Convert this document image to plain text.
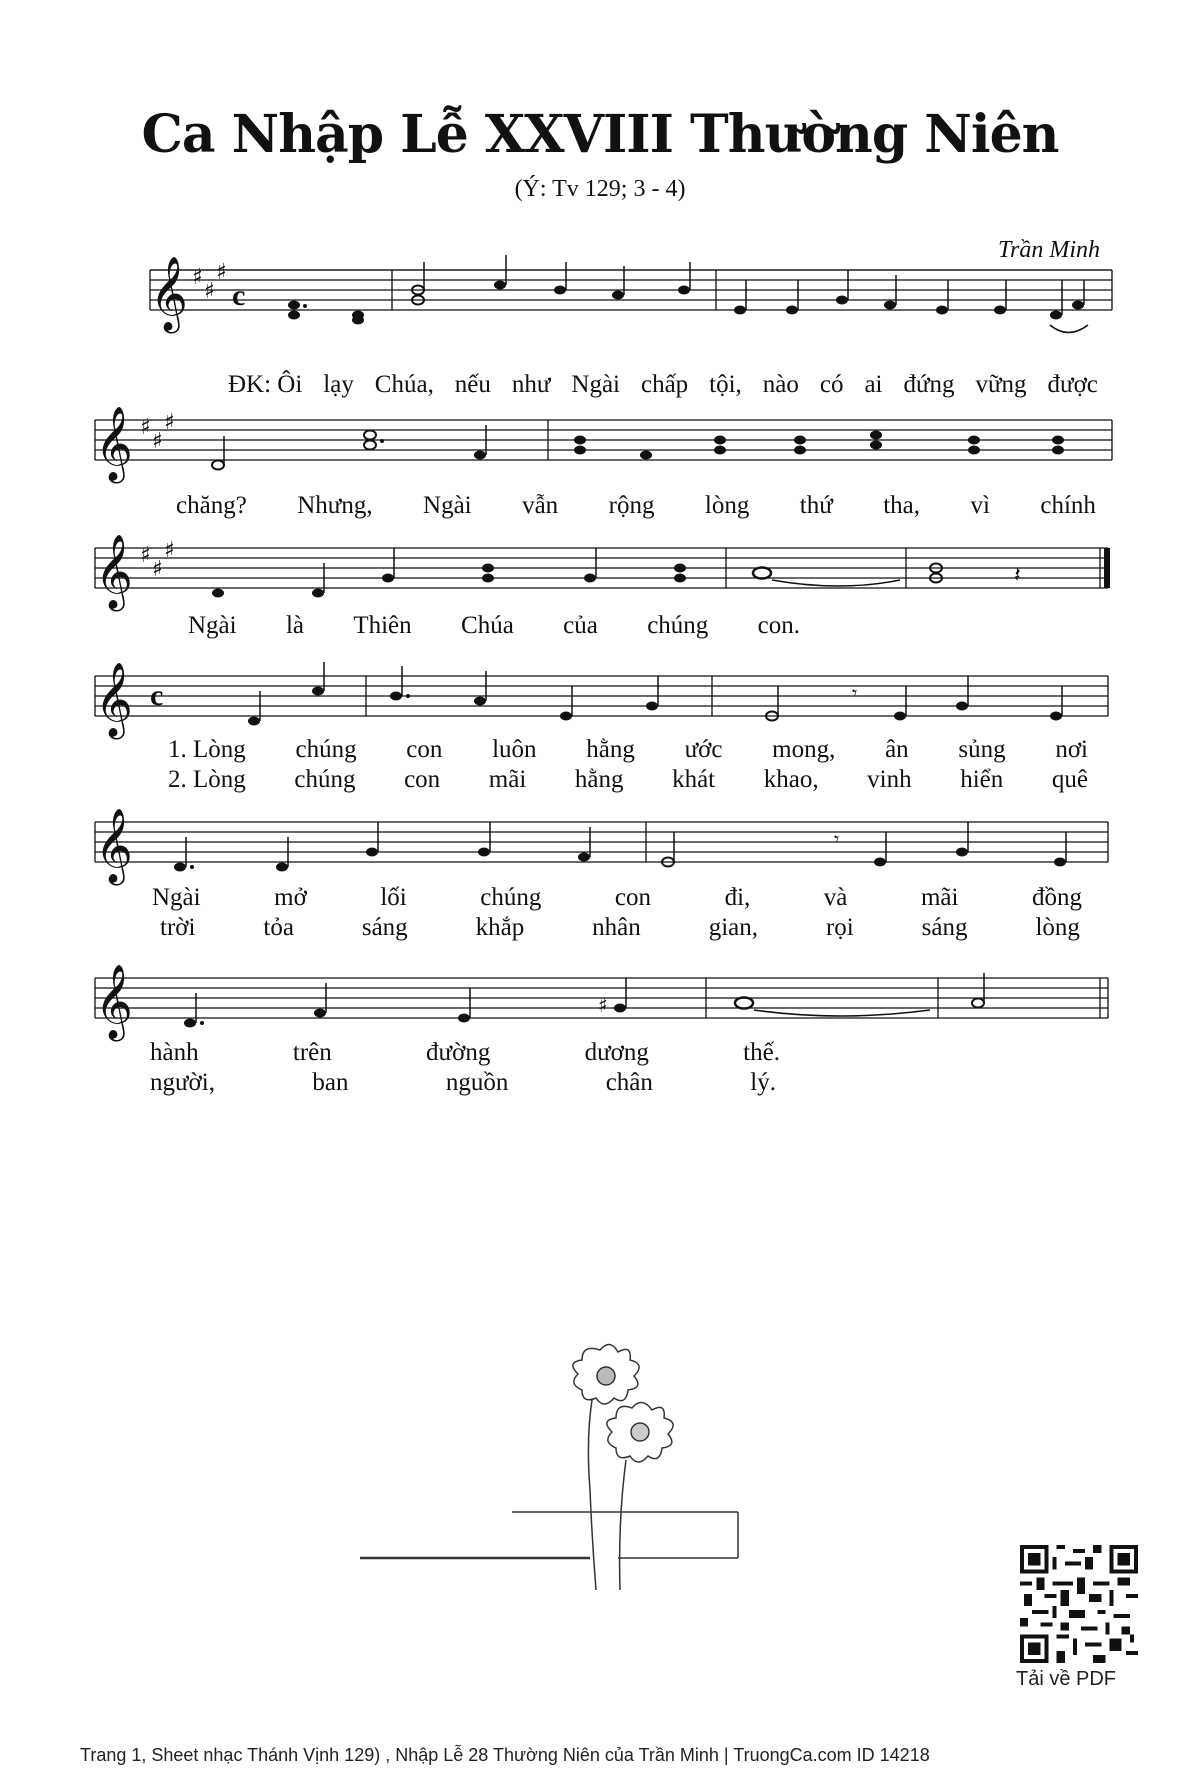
Ca Nhập Lễ XXVIII Thường Niên
(Ý: Tv 129; 3 - 4)
Trần Minh
𝄞 ♯
♯
♯
c
ĐK: Ôi lạy Chúa, nếu như Ngài chấp tội, nào có ai đứng vững được
𝄞 ♯
♯
♯
chăng? Nhưng, Ngài vẫn rộng lòng thứ tha, vì chính
𝄞 ♯
♯
♯
𝄽
Ngài là Thiên Chúa của chúng con.
𝄞 c	𝄾
1. Lòng chúng con luôn hằng ước mong, ân sủng nơi
2. Lòng chúng con mãi hằng khát khao, vinh hiển quê
𝄞	𝄾
Ngài	mở	lối	chúng	con	đi,	và	mãi	đồng
trời	tỏa	sáng	khắp	nhân	gian,	rọi	sáng	lòng
𝄞	♯
hành	trên	đường	dương	thế.
người,	ban	nguồn	chân	lý.
Tải về PDF
Trang 1, Sheet nhạc Thánh Vịnh 129) , Nhập Lễ 28 Thường Niên của Trần Minh | TruongCa.com ID 14218
